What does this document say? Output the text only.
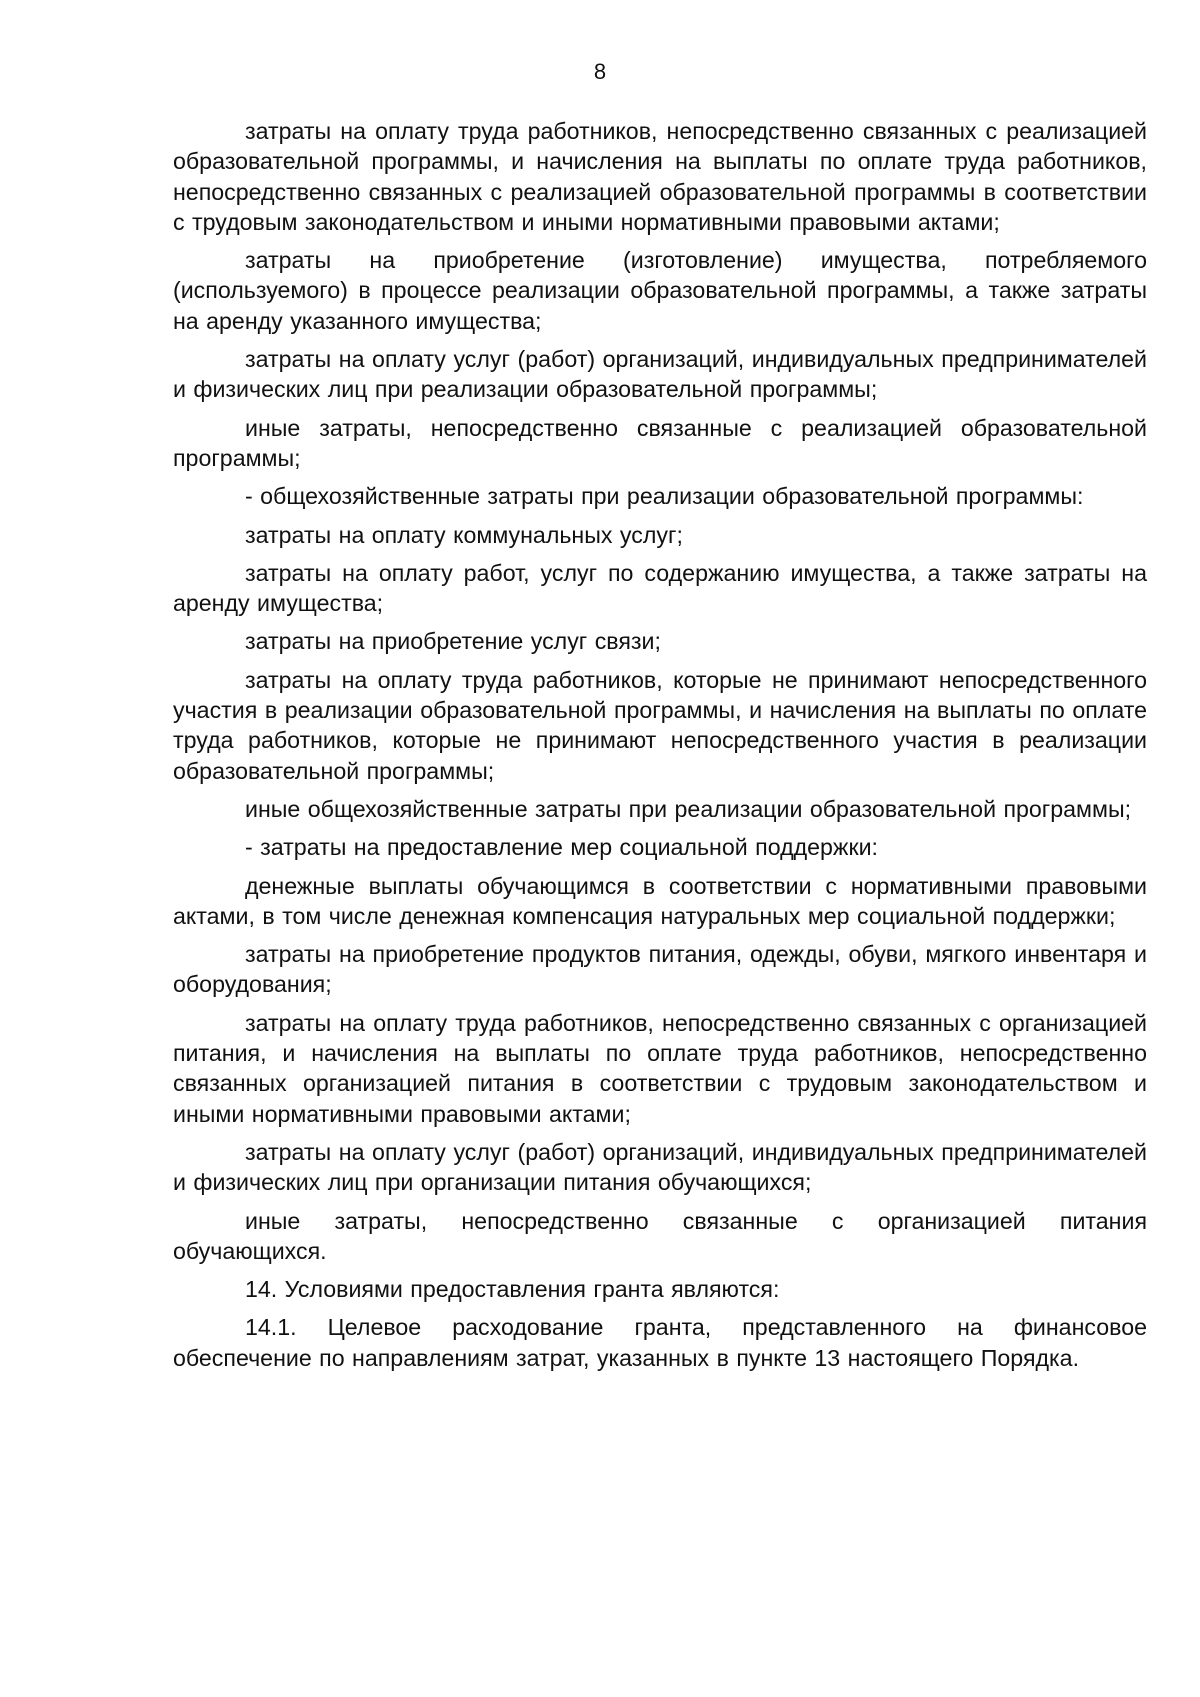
8

затраты на оплату труда работников, непосредственно связанных с реализацией образовательной программы, и начисления на выплаты по оплате труда работников, непосредственно связанных с реализацией образовательной программы в соответствии с трудовым законодательством и иными нормативными правовыми актами;

затраты на приобретение (изготовление) имущества, потребляемого (используемого) в процессе реализации образовательной программы, а также затраты на аренду указанного имущества;

затраты на оплату услуг (работ) организаций, индивидуальных предпринимателей и физических лиц при реализации образовательной программы;

иные затраты, непосредственно связанные с реализацией образовательной программы;

- общехозяйственные затраты при реализации образовательной программы:

затраты на оплату коммунальных услуг;

затраты на оплату работ, услуг по содержанию имущества, а также затраты на аренду имущества;

затраты на приобретение услуг связи;

затраты на оплату труда работников, которые не принимают непосредственного участия в реализации образовательной программы, и начисления на выплаты по оплате труда работников, которые не принимают непосредственного участия в реализации образовательной программы;

иные общехозяйственные затраты при реализации образовательной программы;

- затраты на предоставление мер социальной поддержки:

денежные выплаты обучающимся в соответствии с нормативными правовыми актами, в том числе денежная компенсация натуральных мер социальной поддержки;

затраты на приобретение продуктов питания, одежды, обуви, мягкого инвентаря и оборудования;

затраты на оплату труда работников, непосредственно связанных с организацией питания, и начисления на выплаты по оплате труда работников, непосредственно связанных организацией питания в соответствии с трудовым законодательством и иными нормативными правовыми актами;

затраты на оплату услуг (работ) организаций, индивидуальных предпринимателей и физических лиц при организации питания обучающихся;

иные затраты, непосредственно связанные с организацией питания обучающихся.

14. Условиями предоставления гранта являются:

14.1. Целевое расходование гранта, представленного на финансовое обеспечение по направлениям затрат, указанных в пункте 13 настоящего Порядка.
